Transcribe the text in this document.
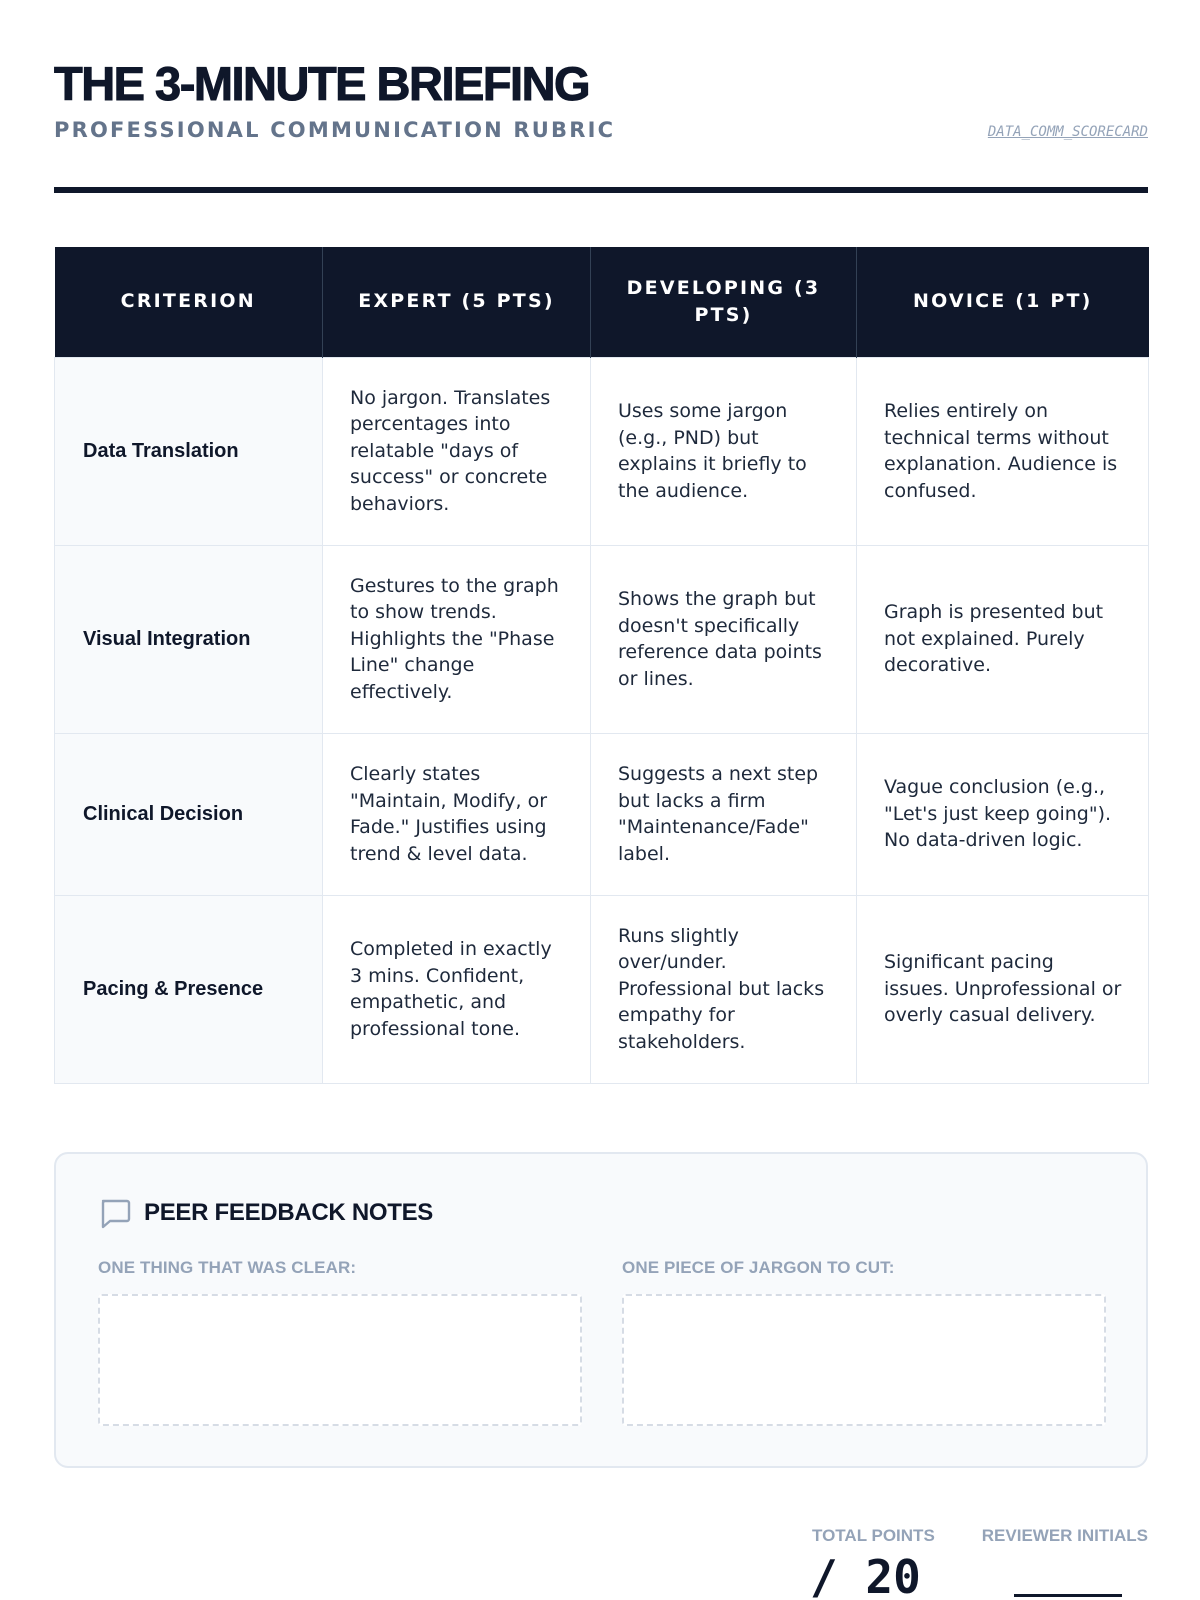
THE 3-MINUTE BRIEFING
PROFESSIONAL COMMUNICATION RUBRIC	DATA_COMM_SCORECARD
CRITERION	EXPERT (5 PTS)	DEVELOPING (3 PTS)	NOVICE (1 PT)
Data Translation	No jargon. Translates percentages into relatable "days of success" or concrete behaviors.	Uses some jargon (e.g., PND) but explains it briefly to the audience.	Relies entirely on technical terms without explanation. Audience is confused.
Visual Integration	Gestures to the graph to show trends. Highlights the "Phase Line" change effectively.	Shows the graph but doesn't specifically reference data points or lines.	Graph is presented but not explained. Purely decorative.
Clinical Decision	Clearly states "Maintain, Modify, or Fade." Justifies using trend & level data.	Suggests a next step but lacks a firm "Maintenance/Fade" label.	Vague conclusion (e.g., "Let's just keep going"). No data-driven logic.
Pacing & Presence	Completed in exactly 3 mins. Confident, empathetic, and professional tone.	Runs slightly over/under. Professional but lacks empathy for stakeholders.	Significant pacing issues. Unprofessional or overly casual delivery.
PEER FEEDBACK NOTES
ONE THING THAT WAS CLEAR:	ONE PIECE OF JARGON TO CUT:
TOTAL POINTS
/ 20
REVIEWER INITIALS
